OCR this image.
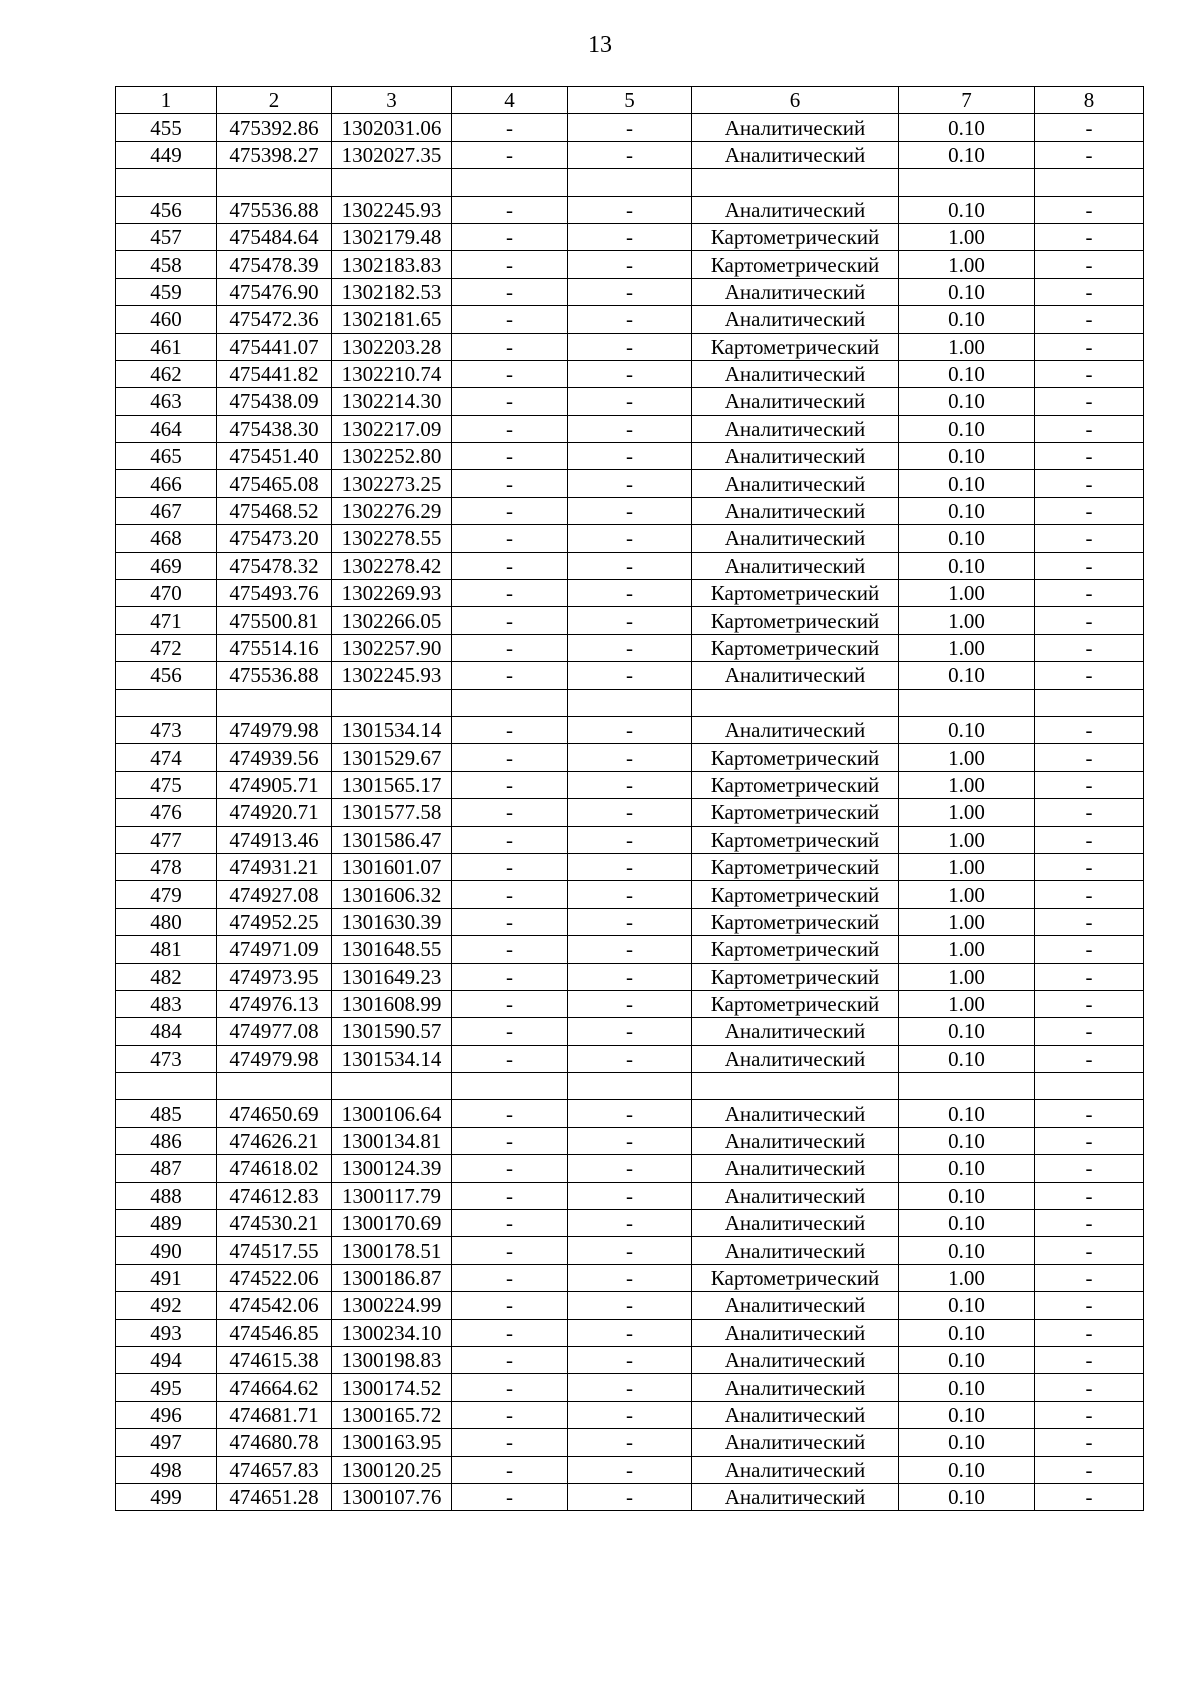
13
1	2	3	4	5	6	7	8
455	475392.86	1302031.06	-	-	Аналитический	0.10	-
449	475398.27	1302027.35	-	-	Аналитический	0.10	-

456	475536.88	1302245.93	-	-	Аналитический	0.10	-
457	475484.64	1302179.48	-	-	Картометрический	1.00	-
458	475478.39	1302183.83	-	-	Картометрический	1.00	-
459	475476.90	1302182.53	-	-	Аналитический	0.10	-
460	475472.36	1302181.65	-	-	Аналитический	0.10	-
461	475441.07	1302203.28	-	-	Картометрический	1.00	-
462	475441.82	1302210.74	-	-	Аналитический	0.10	-
463	475438.09	1302214.30	-	-	Аналитический	0.10	-
464	475438.30	1302217.09	-	-	Аналитический	0.10	-
465	475451.40	1302252.80	-	-	Аналитический	0.10	-
466	475465.08	1302273.25	-	-	Аналитический	0.10	-
467	475468.52	1302276.29	-	-	Аналитический	0.10	-
468	475473.20	1302278.55	-	-	Аналитический	0.10	-
469	475478.32	1302278.42	-	-	Аналитический	0.10	-
470	475493.76	1302269.93	-	-	Картометрический	1.00	-
471	475500.81	1302266.05	-	-	Картометрический	1.00	-
472	475514.16	1302257.90	-	-	Картометрический	1.00	-
456	475536.88	1302245.93	-	-	Аналитический	0.10	-

473	474979.98	1301534.14	-	-	Аналитический	0.10	-
474	474939.56	1301529.67	-	-	Картометрический	1.00	-
475	474905.71	1301565.17	-	-	Картометрический	1.00	-
476	474920.71	1301577.58	-	-	Картометрический	1.00	-
477	474913.46	1301586.47	-	-	Картометрический	1.00	-
478	474931.21	1301601.07	-	-	Картометрический	1.00	-
479	474927.08	1301606.32	-	-	Картометрический	1.00	-
480	474952.25	1301630.39	-	-	Картометрический	1.00	-
481	474971.09	1301648.55	-	-	Картометрический	1.00	-
482	474973.95	1301649.23	-	-	Картометрический	1.00	-
483	474976.13	1301608.99	-	-	Картометрический	1.00	-
484	474977.08	1301590.57	-	-	Аналитический	0.10	-
473	474979.98	1301534.14	-	-	Аналитический	0.10	-

485	474650.69	1300106.64	-	-	Аналитический	0.10	-
486	474626.21	1300134.81	-	-	Аналитический	0.10	-
487	474618.02	1300124.39	-	-	Аналитический	0.10	-
488	474612.83	1300117.79	-	-	Аналитический	0.10	-
489	474530.21	1300170.69	-	-	Аналитический	0.10	-
490	474517.55	1300178.51	-	-	Аналитический	0.10	-
491	474522.06	1300186.87	-	-	Картометрический	1.00	-
492	474542.06	1300224.99	-	-	Аналитический	0.10	-
493	474546.85	1300234.10	-	-	Аналитический	0.10	-
494	474615.38	1300198.83	-	-	Аналитический	0.10	-
495	474664.62	1300174.52	-	-	Аналитический	0.10	-
496	474681.71	1300165.72	-	-	Аналитический	0.10	-
497	474680.78	1300163.95	-	-	Аналитический	0.10	-
498	474657.83	1300120.25	-	-	Аналитический	0.10	-
499	474651.28	1300107.76	-	-	Аналитический	0.10	-
